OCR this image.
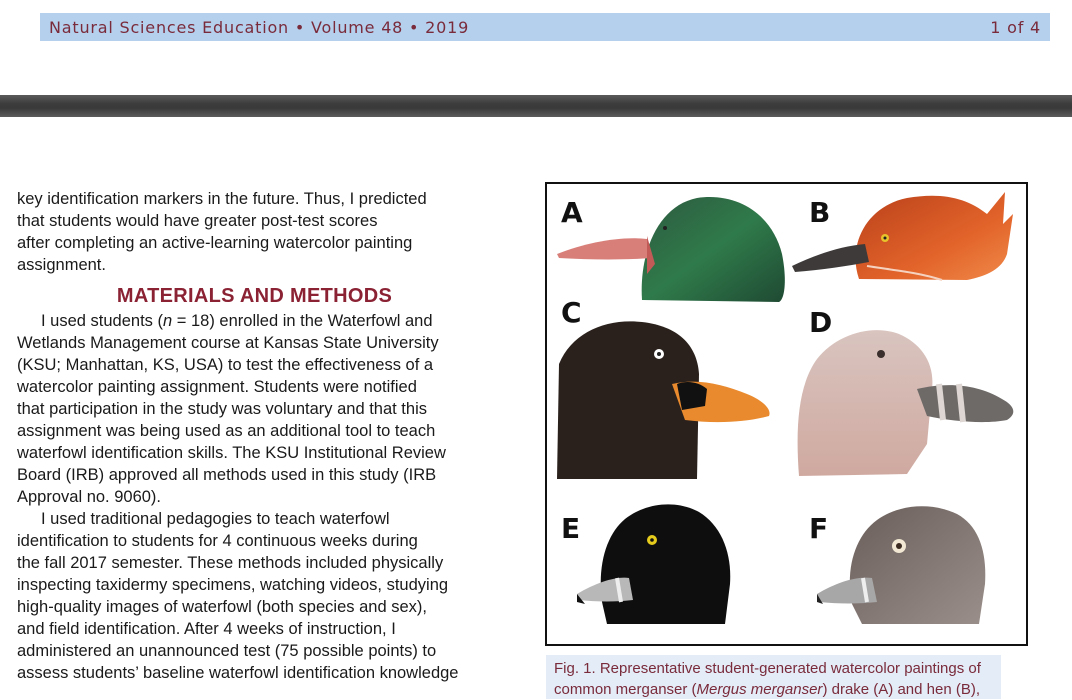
Natural Sciences Education • Volume 48 • 2019	1 of 4
key identification markers in the future. Thus, I predicted
that students would have greater post-test scores
after completing an active-learning watercolor painting
assignment.
MATERIALS AND METHODS
I used students (n = 18) enrolled in the Waterfowl and
Wetlands Management course at Kansas State University
(KSU; Manhattan, KS, USA) to test the effectiveness of a
watercolor painting assignment. Students were notified
that participation in the study was voluntary and that this
assignment was being used as an additional tool to teach
waterfowl identification skills. The KSU Institutional Review
Board (IRB) approved all methods used in this study (IRB
Approval no. 9060).
I used traditional pedagogies to teach waterfowl
identification to students for 4 continuous weeks during
the fall 2017 semester. These methods included physically
inspecting taxidermy specimens, watching videos, studying
high-quality images of waterfowl (both species and sex),
and field identification. After 4 weeks of instruction, I
administered an unannounced test (75 possible points) to
assess students’ baseline waterfowl identification knowledge
A	B
C	D
E	F
Fig. 1. Representative student-generated watercolor paintings of
common merganser (Mergus merganser) drake (A) and hen (B),
